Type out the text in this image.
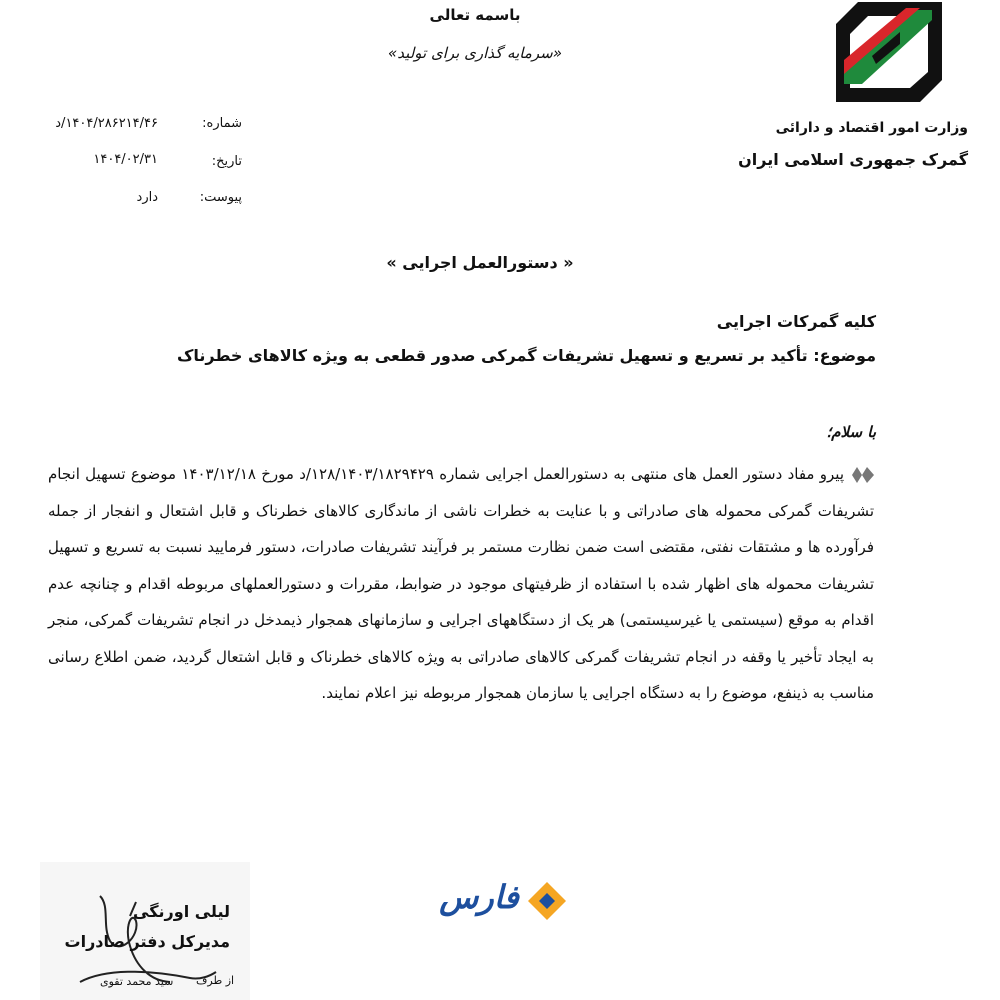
باسمه تعالی
«سرمایه گذاری برای تولید»
وزارت امور اقتصاد و دارائی
گمرک جمهوری اسلامی ایران
شماره:
۱۴۰۴/۲۸۶۲۱۴/۴۶/د
تاریخ:
۱۴۰۴/۰۲/۳۱
پیوست:
دارد
« دستورالعمل اجرایی »
کلیه گمرکات اجرایی
موضوع: تأکید بر تسریع و تسهیل تشریفات گمرکی صدور قطعی به ویژه کالاهای خطرناک
با سلام؛
پیرو مفاد دستور العمل های منتهی به دستورالعمل اجرایی شماره ۱۲۸/۱۴۰۳/۱۸۲۹۴۲۹/د مورخ ۱۴۰۳/۱۲/۱۸ موضوع تسهیل انجام تشریفات گمرکی محموله های صادراتی و با عنایت به خطرات ناشی از ماندگاری کالاهای خطرناک و قابل اشتعال و انفجار از جمله فرآورده ها و مشتقات نفتی، مقتضی است ضمن نظارت مستمر بر فرآیند تشریفات صادرات، دستور فرمایید نسبت به تسریع و تسهیل تشریفات محموله های اظهار شده با استفاده از ظرفیتهای موجود در ضوابط، مقررات و دستورالعملهای مربوطه اقدام و چنانچه عدم اقدام به موقع (سیستمی یا غیرسیستمی) هر یک از دستگاههای اجرایی و سازمانهای همجوار ذیمدخل در انجام تشریفات گمرکی، منجر به ایجاد تأخیر یا وقفه در انجام تشریفات گمرکی کالاهای صادراتی به ویژه کالاهای خطرناک و قابل اشتعال گردید، ضمن اطلاع رسانی مناسب به ذینفع، موضوع را به دستگاه اجرایی یا سازمان همجوار مربوطه نیز اعلام نمایند.
لیلی اورنگی
مدیرکل دفتر صادرات
از طرف
سید محمد تقوی
فارس
